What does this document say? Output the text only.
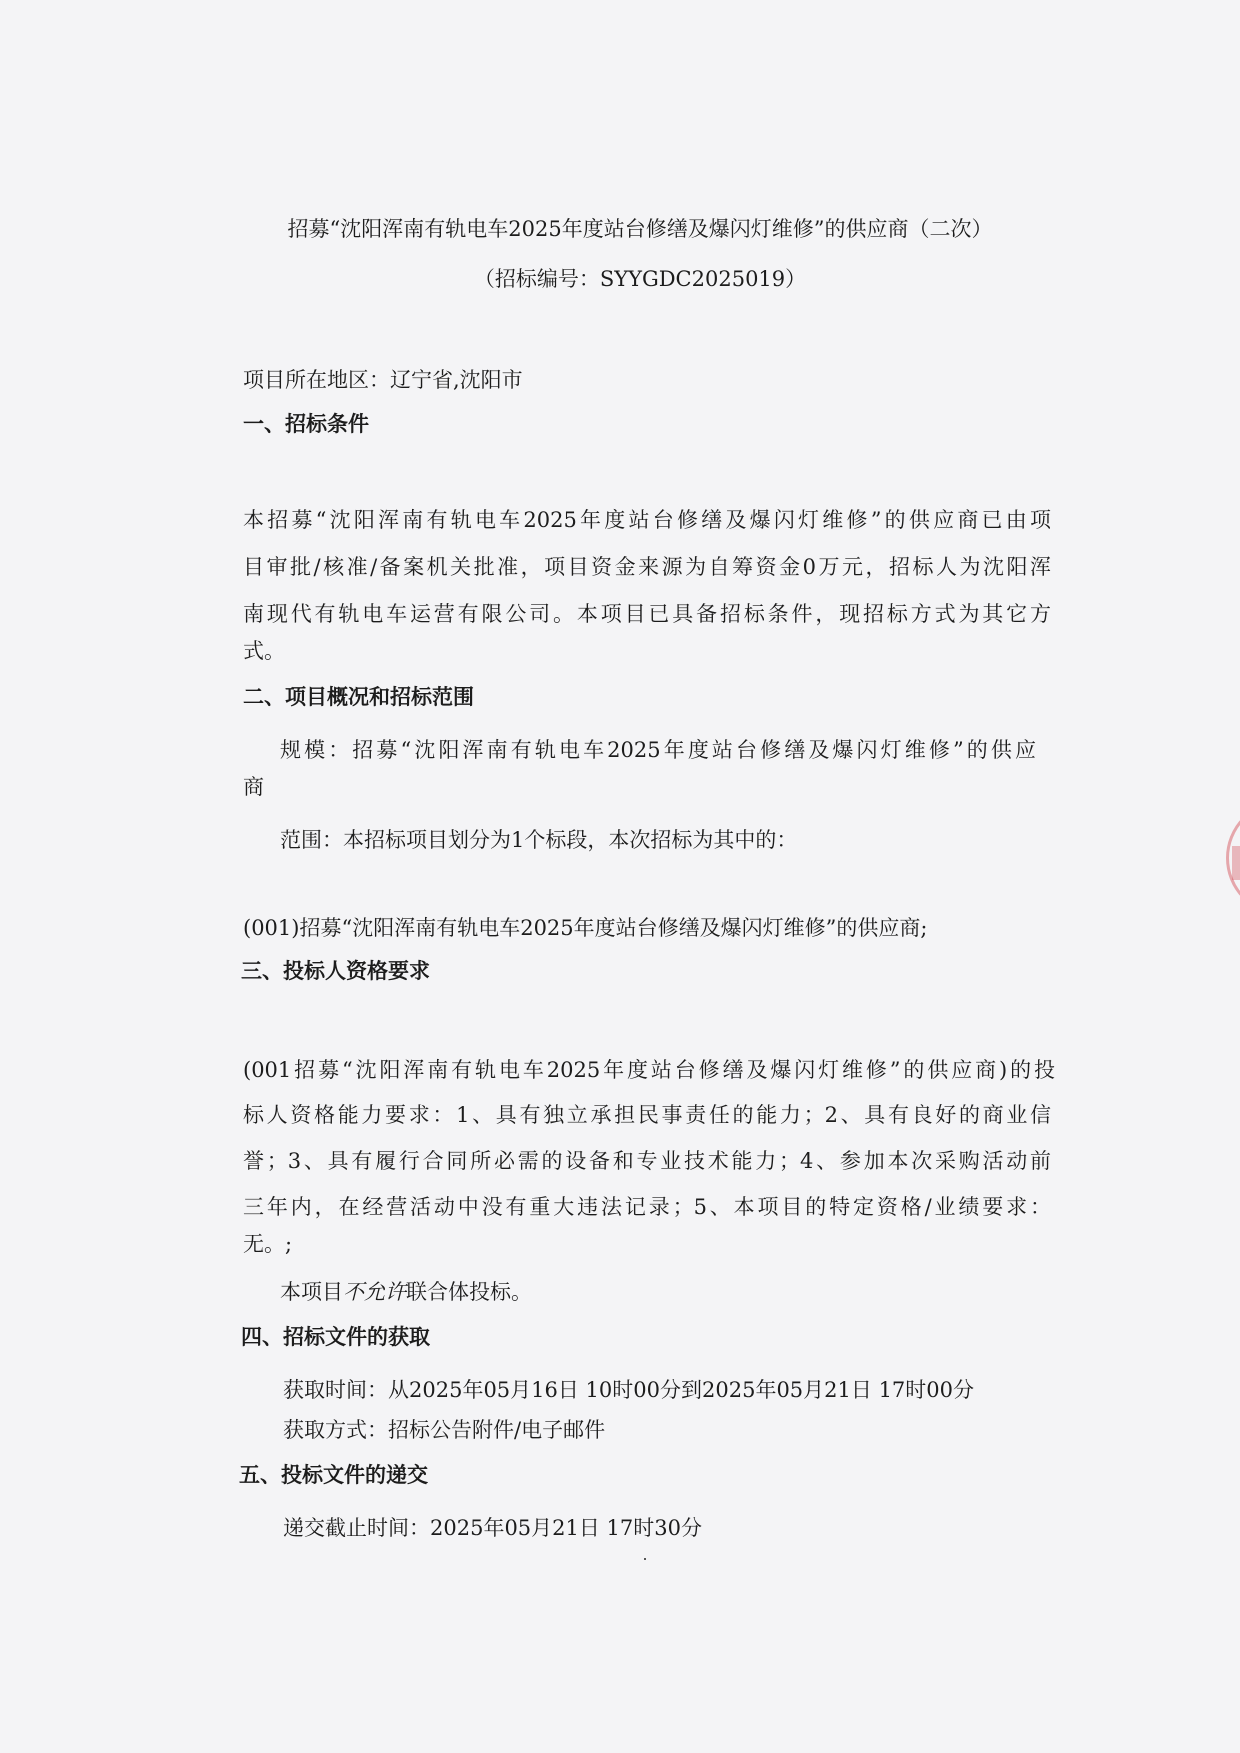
招募“沈阳浑南有轨电车2025年度站台修缮及爆闪灯维修”的供应商（二次）
（招标编号：SYYGDC2025019）
项目所在地区：辽宁省,沈阳市
一、招标条件
本招募“沈阳浑南有轨电车2025年度站台修缮及爆闪灯维修”的供应商已由项
目审批/核准/备案机关批准，项目资金来源为自筹资金0万元，招标人为沈阳浑
南现代有轨电车运营有限公司。本项目已具备招标条件，现招标方式为其它方
式。
二、项目概况和招标范围
规模：招募“沈阳浑南有轨电车2025年度站台修缮及爆闪灯维修”的供应
商
范围：本招标项目划分为1个标段，本次招标为其中的：
(001)招募“沈阳浑南有轨电车2025年度站台修缮及爆闪灯维修”的供应商;
三、投标人资格要求
(001招募“沈阳浑南有轨电车2025年度站台修缮及爆闪灯维修”的供应商)的投
标人资格能力要求：1、具有独立承担民事责任的能力；2、具有良好的商业信
誉；3、具有履行合同所必需的设备和专业技术能力；4、参加本次采购活动前
三年内，在经营活动中没有重大违法记录；5、本项目的特定资格/业绩要求：
无。;
本项目不允许联合体投标。
四、招标文件的获取
获取时间：从2025年05月16日 10时00分到2025年05月21日 17时00分
获取方式：招标公告附件/电子邮件
五、投标文件的递交
递交截止时间：2025年05月21日 17时30分
